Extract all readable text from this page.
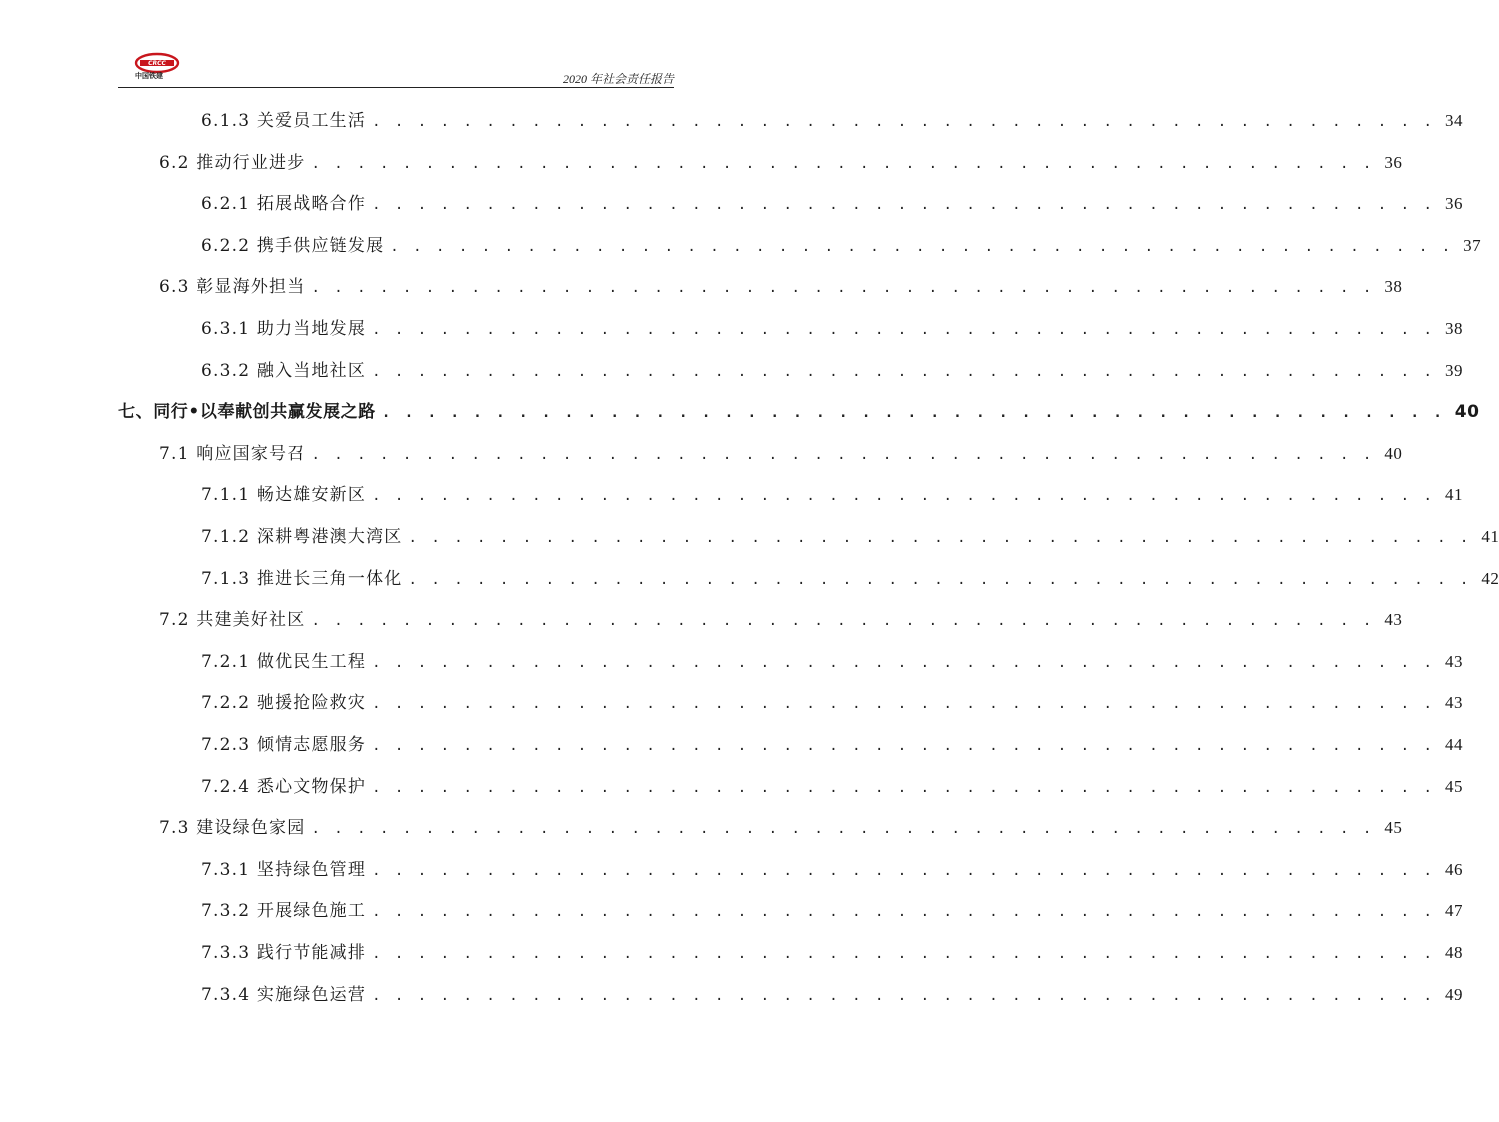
CRCC
中国铁建	2020 年社会责任报告
6.1.3 关爱员工生活 . . . . . . . . . . . . . . . . . . . . . . . . . . . . . . . . . . . . . . . . . . . . . . . 34
6.2 推动行业进步 . . . . . . . . . . . . . . . . . . . . . . . . . . . . . . . . . . . . . . . . . . . . . . . 36
6.2.1 拓展战略合作 . . . . . . . . . . . . . . . . . . . . . . . . . . . . . . . . . . . . . . . . . . . . . . . 36
6.2.2 携手供应链发展 . . . . . . . . . . . . . . . . . . . . . . . . . . . . . . . . . . . . . . . . . . . . . . . 37
6.3 彰显海外担当 . . . . . . . . . . . . . . . . . . . . . . . . . . . . . . . . . . . . . . . . . . . . . . . 38
6.3.1 助力当地发展 . . . . . . . . . . . . . . . . . . . . . . . . . . . . . . . . . . . . . . . . . . . . . . . 38
6.3.2 融入当地社区 . . . . . . . . . . . . . . . . . . . . . . . . . . . . . . . . . . . . . . . . . . . . . . . 39
七、同行•以奉献创共赢发展之路 . . . . . . . . . . . . . . . . . . . . . . . . . . . . . . . . . . . . . . . . . . . . . . . 40
7.1 响应国家号召 . . . . . . . . . . . . . . . . . . . . . . . . . . . . . . . . . . . . . . . . . . . . . . . 40
7.1.1 畅达雄安新区 . . . . . . . . . . . . . . . . . . . . . . . . . . . . . . . . . . . . . . . . . . . . . . . 41
7.1.2 深耕粤港澳大湾区 . . . . . . . . . . . . . . . . . . . . . . . . . . . . . . . . . . . . . . . . . . . . . . . 41
7.1.3 推进长三角一体化 . . . . . . . . . . . . . . . . . . . . . . . . . . . . . . . . . . . . . . . . . . . . . . . 42
7.2 共建美好社区 . . . . . . . . . . . . . . . . . . . . . . . . . . . . . . . . . . . . . . . . . . . . . . . 43
7.2.1 做优民生工程 . . . . . . . . . . . . . . . . . . . . . . . . . . . . . . . . . . . . . . . . . . . . . . . 43
7.2.2 驰援抢险救灾 . . . . . . . . . . . . . . . . . . . . . . . . . . . . . . . . . . . . . . . . . . . . . . . 43
7.2.3 倾情志愿服务 . . . . . . . . . . . . . . . . . . . . . . . . . . . . . . . . . . . . . . . . . . . . . . . 44
7.2.4 悉心文物保护 . . . . . . . . . . . . . . . . . . . . . . . . . . . . . . . . . . . . . . . . . . . . . . . 45
7.3 建设绿色家园 . . . . . . . . . . . . . . . . . . . . . . . . . . . . . . . . . . . . . . . . . . . . . . . 45
7.3.1 坚持绿色管理 . . . . . . . . . . . . . . . . . . . . . . . . . . . . . . . . . . . . . . . . . . . . . . . 46
7.3.2 开展绿色施工 . . . . . . . . . . . . . . . . . . . . . . . . . . . . . . . . . . . . . . . . . . . . . . . 47
7.3.3 践行节能减排 . . . . . . . . . . . . . . . . . . . . . . . . . . . . . . . . . . . . . . . . . . . . . . . 48
7.3.4 实施绿色运营 . . . . . . . . . . . . . . . . . . . . . . . . . . . . . . . . . . . . . . . . . . . . . . . 49
